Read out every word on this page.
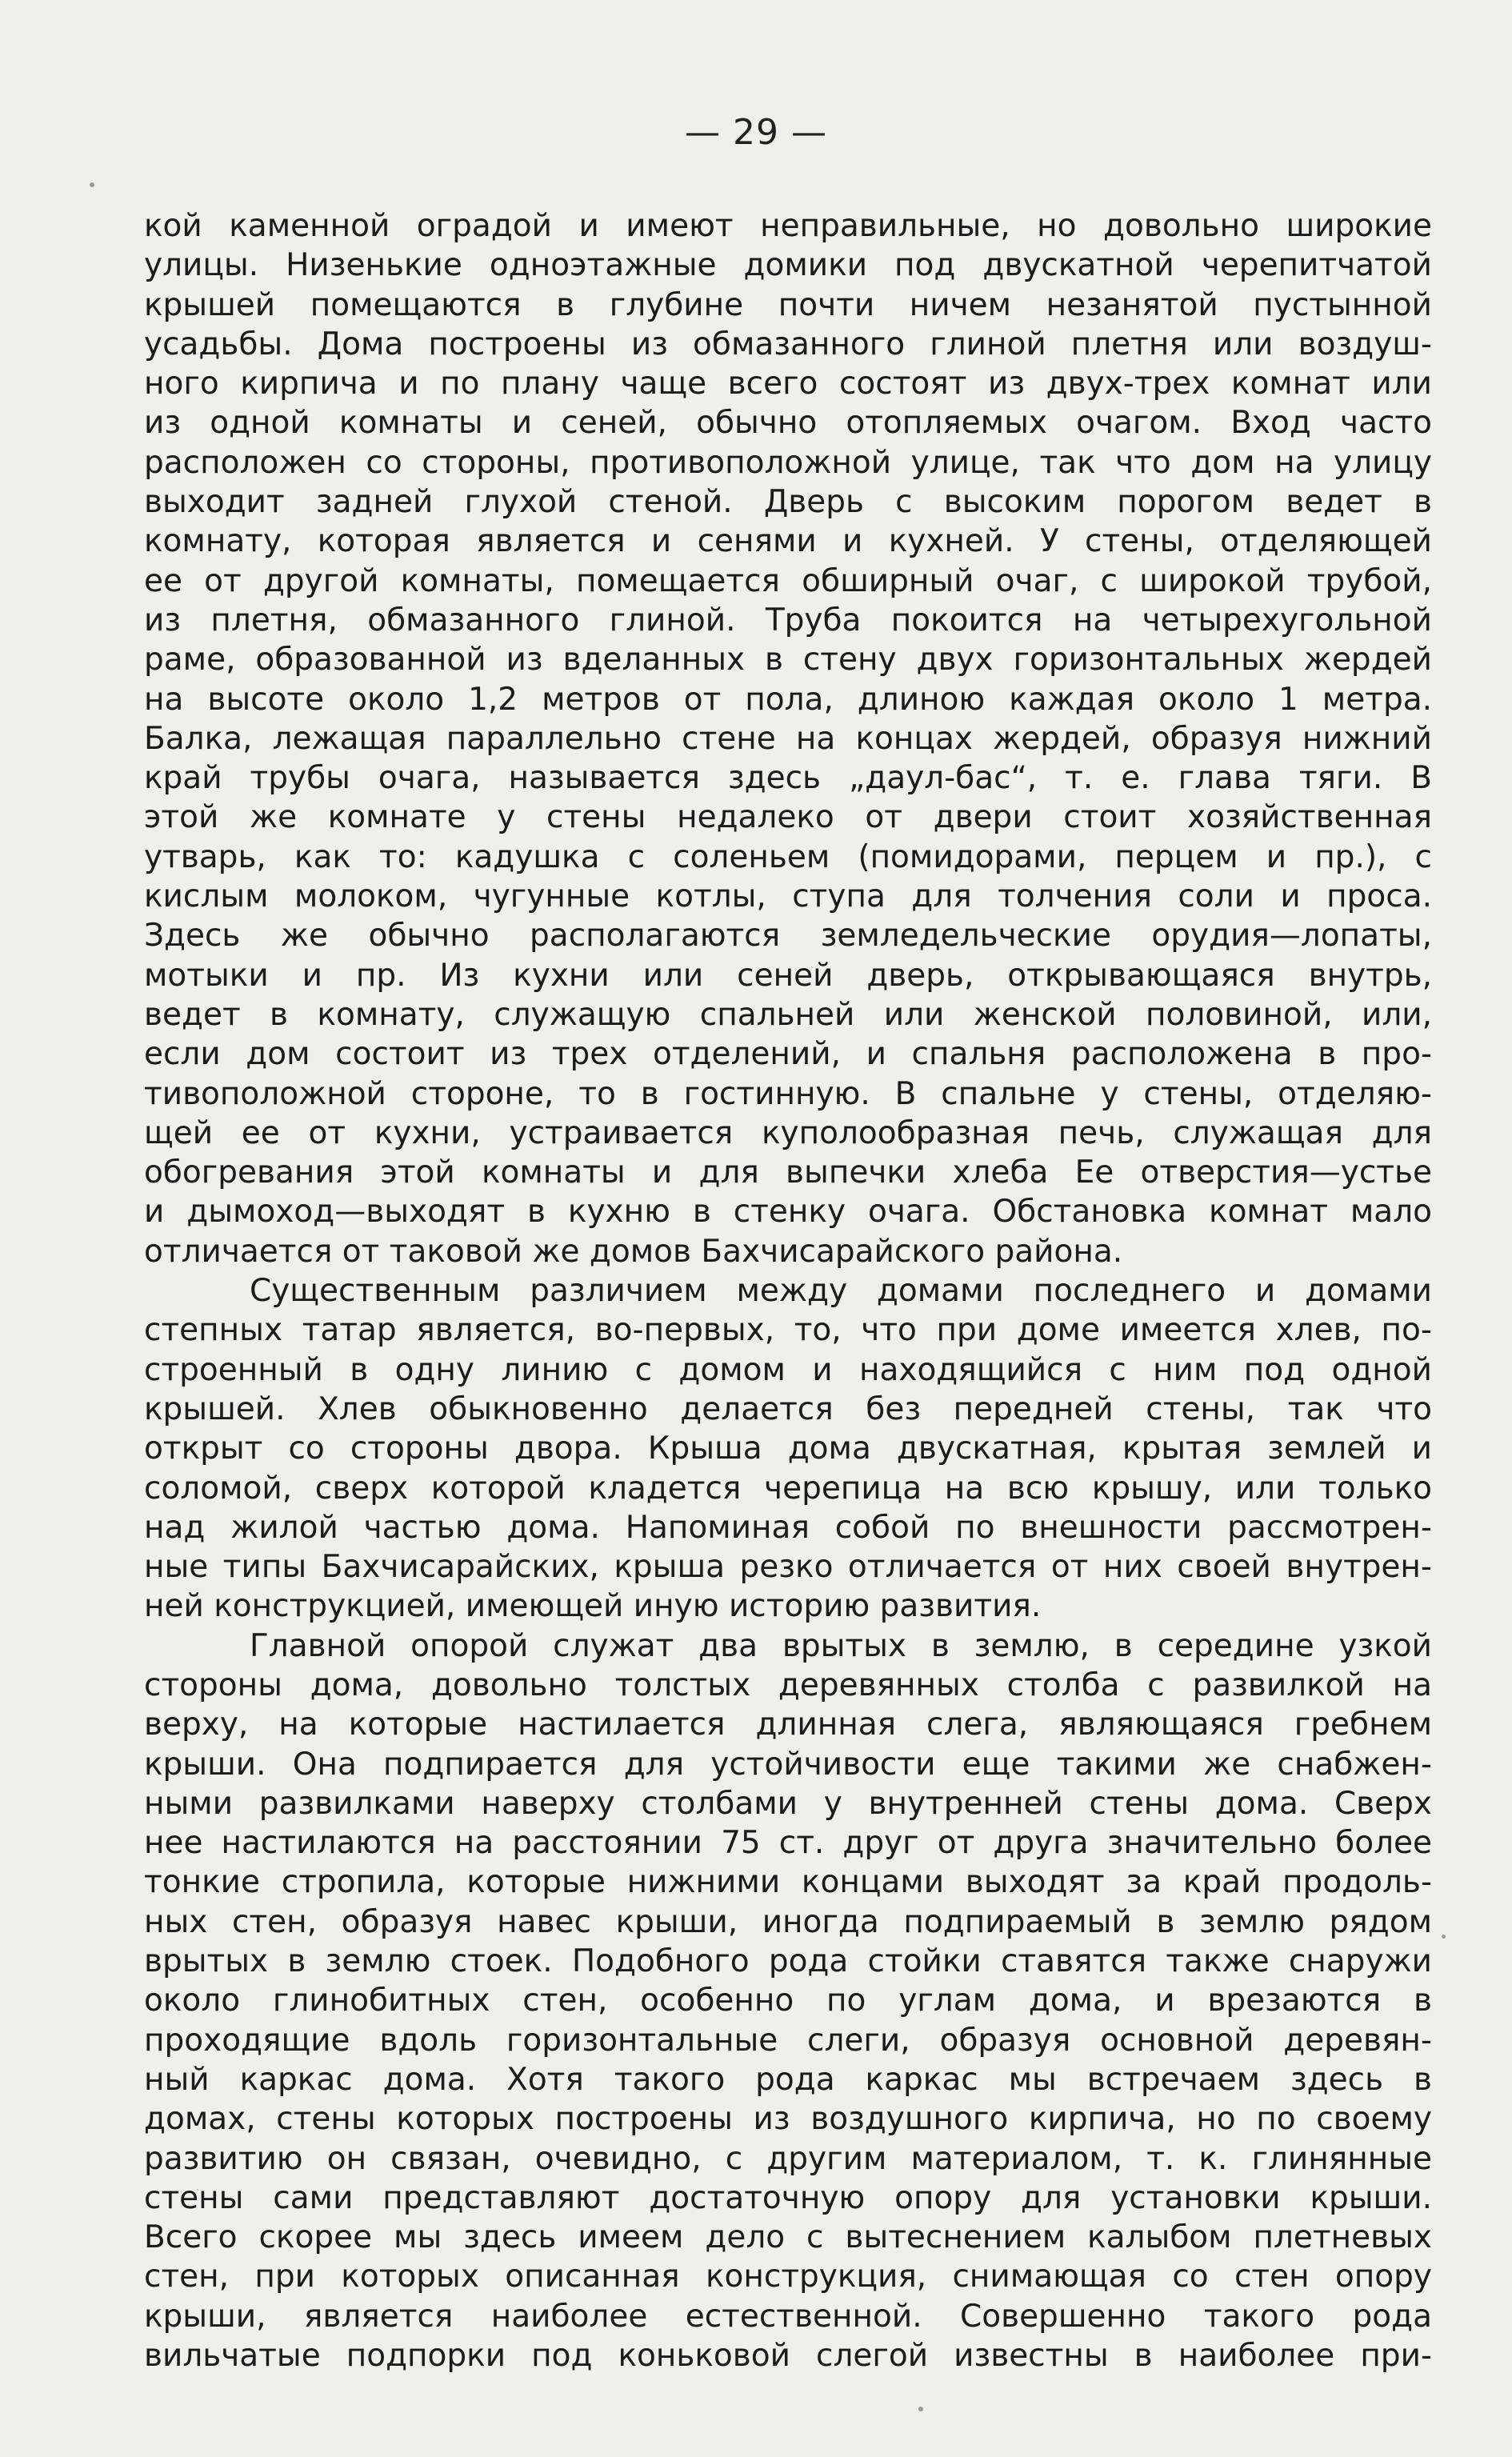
— 29 —

кой каменной оградой и имеют неправильные, но довольно широкие

улицы. Низенькие одноэтажные домики под двускатной черепитчатой

крышей помещаются в глубине почти ничем незанятой пустынной

усадьбы. Дома построены из обмазанного глиной плетня или воздуш-

ного кирпича и по плану чаще всего состоят из двух-трех комнат или

из одной комнаты и сеней, обычно отопляемых очагом. Вход часто

расположен со стороны, противоположной улице, так что дом на улицу

выходит задней глухой стеной. Дверь с высоким порогом ведет в

комнату, которая является и сенями и кухней. У стены, отделяющей

ее от другой комнаты, помещается обширный очаг, с широкой трубой,

из плетня, обмазанного глиной. Труба покоится на четырехугольной

раме, образованной из вделанных в стену двух горизонтальных жердей

на высоте около 1,2 метров от пола, длиною каждая около 1 метра.

Балка, лежащая параллельно стене на концах жердей, образуя нижний

край трубы очага, называется здесь „даул-бас“, т. е. глава тяги. В

этой же комнате у стены недалеко от двери стоит хозяйственная

утварь, как то: кадушка с соленьем (помидорами, перцем и пр.), с

кислым молоком, чугунные котлы, ступа для толчения соли и проса.

Здесь же обычно располагаются земледельческие орудия—лопаты,

мотыки и пр. Из кухни или сеней дверь, открывающаяся внутрь,

ведет в комнату, служащую спальней или женской половиной, или,

если дом состоит из трех отделений, и спальня расположена в про-

тивоположной стороне, то в гостинную. В спальне у стены, отделяю-

щей ее от кухни, устраивается куполообразная печь, служащая для

обогревания этой комнаты и для выпечки хлеба Ее отверстия—устье

и дымоход—выходят в кухню в стенку очага. Обстановка комнат мало

отличается от таковой же домов Бахчисарайского района.

Существенным различием между домами последнего и домами

степных татар является, во-первых, то, что при доме имеется хлев, по-

строенный в одну линию с домом и находящийся с ним под одной

крышей. Хлев обыкновенно делается без передней стены, так что

открыт со стороны двора. Крыша дома двускатная, крытая землей и

соломой, сверх которой кладется черепица на всю крышу, или только

над жилой частью дома. Напоминая собой по внешности рассмотрен-

ные типы Бахчисарайских, крыша резко отличается от них своей внутрен-

ней конструкцией, имеющей иную историю развития.

Главной опорой служат два врытых в землю, в середине узкой

стороны дома, довольно толстых деревянных столба с развилкой на

верху, на которые настилается длинная слега, являющаяся гребнем

крыши. Она подпирается для устойчивости еще такими же снабжен-

ными развилками наверху столбами у внутренней стены дома. Сверх

нее настилаются на расстоянии 75 ст. друг от друга значительно более

тонкие стропила, которые нижними концами выходят за край продоль-

ных стен, образуя навес крыши, иногда подпираемый в землю рядом

врытых в землю стоек. Подобного рода стойки ставятся также снаружи

около глинобитных стен, особенно по углам дома, и врезаются в

проходящие вдоль горизонтальные слеги, образуя основной деревян-

ный каркас дома. Хотя такого рода каркас мы встречаем здесь в

домах, стены которых построены из воздушного кирпича, но по своему

развитию он связан, очевидно, с другим материалом, т. к. глинянные

стены сами представляют достаточную опору для установки крыши.

Всего скорее мы здесь имеем дело с вытеснением калыбом плетневых

стен, при которых описанная конструкция, снимающая со стен опору

крыши, является наиболее естественной. Совершенно такого рода

вильчатые подпорки под коньковой слегой известны в наиболее при-
